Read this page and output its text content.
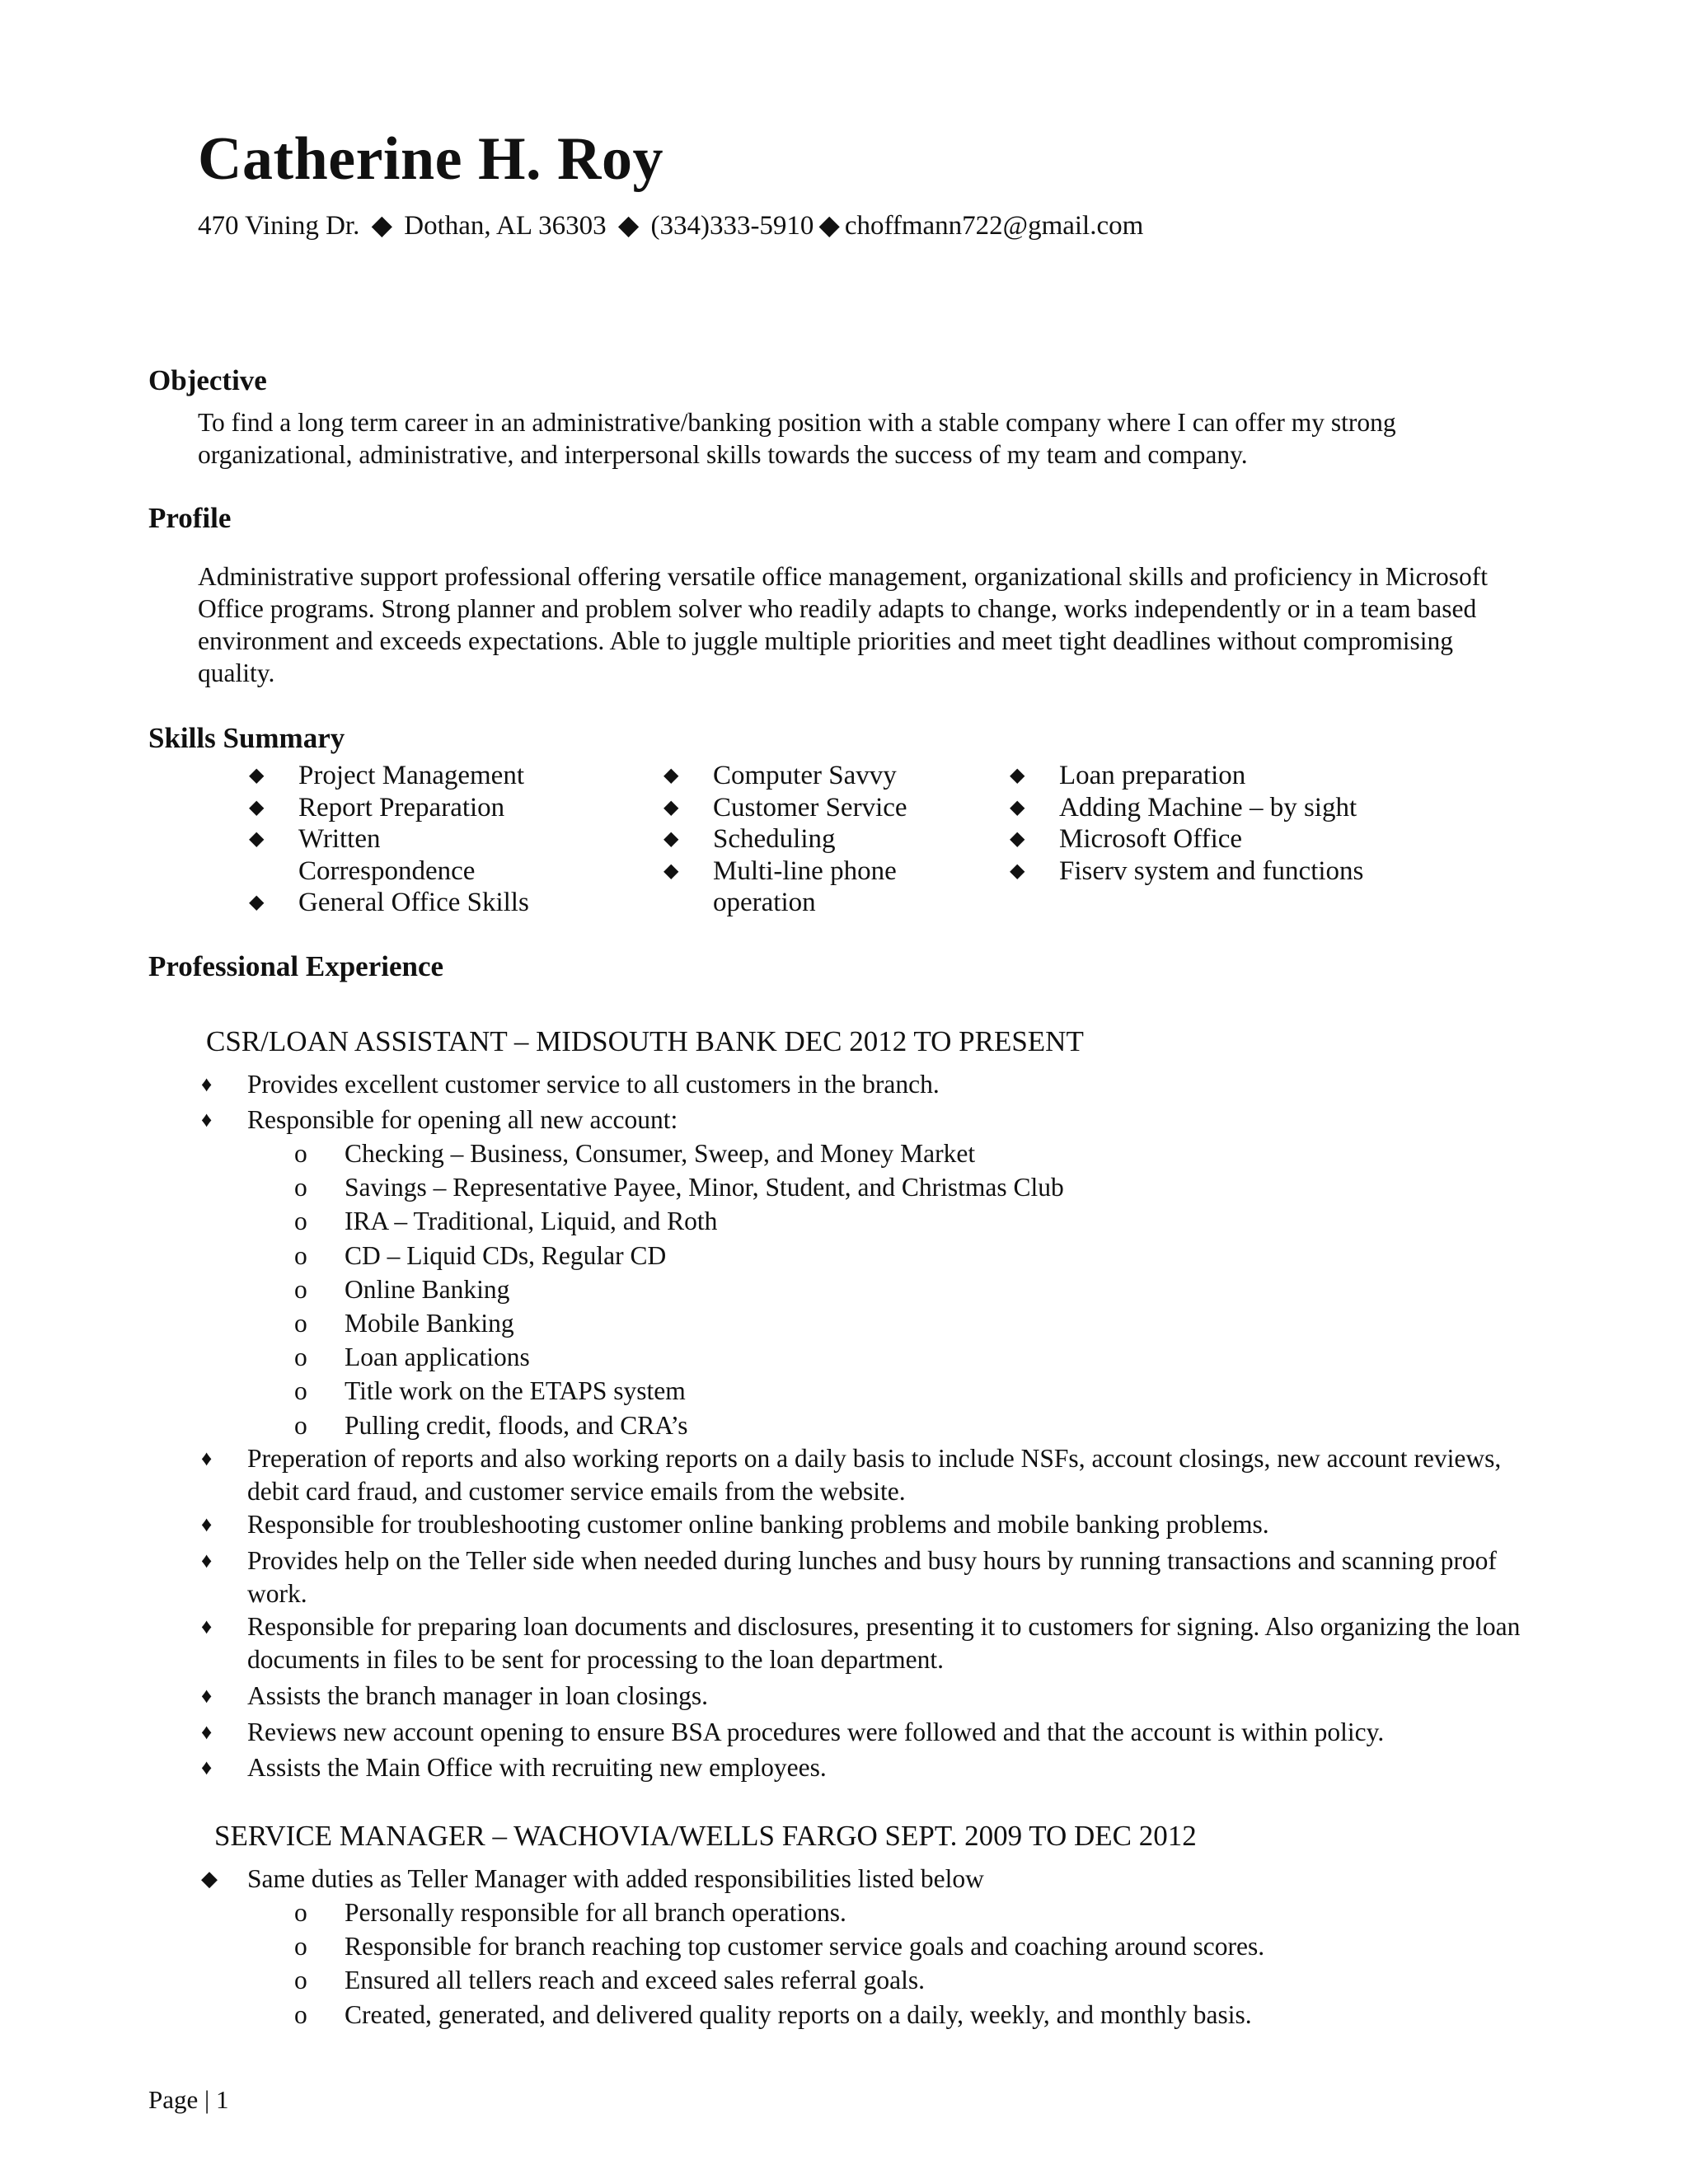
Catherine H. Roy
470 Vining Dr. ◆ Dothan, AL 36303 ◆ (334)333-5910 ◆ choffmann722@gmail.com
Objective

To find a long term career in an administrative/banking position with a stable company where I can offer my strong organizational, administrative, and interpersonal skills towards the success of my team and company.

Profile

Administrative support professional offering versatile office management, organizational skills and proficiency in Microsoft Office programs. Strong planner and problem solver who readily adapts to change, works independently or in a team based environment and exceeds expectations. Able to juggle multiple priorities and meet tight deadlines without compromising quality.

Skills Summary
◆ Project Management
◆ Report Preparation
◆ Written Correspondence
◆ General Office Skills
◆ Computer Savvy
◆ Customer Service
◆ Scheduling
◆ Multi-line phone operation
◆ Loan preparation
◆ Adding Machine – by sight
◆ Microsoft Office
◆ Fiserv system and functions
Professional Experience
CSR/LOAN ASSISTANT – MIDSOUTH BANK DEC 2012 TO PRESENT
♦ Provides excellent customer service to all customers in the branch.
♦ Responsible for opening all new account:
o Checking – Business, Consumer, Sweep, and Money Market
o Savings – Representative Payee, Minor, Student, and Christmas Club
o IRA – Traditional, Liquid, and Roth
o CD – Liquid CDs, Regular CD
o Online Banking
o Mobile Banking
o Loan applications
o Title work on the ETAPS system
o Pulling credit, floods, and CRA’s
♦ Preperation of reports and also working reports on a daily basis to include NSFs, account closings, new account reviews, debit card fraud, and customer service emails from the website.
♦ Responsible for troubleshooting customer online banking problems and mobile banking problems.
♦ Provides help on the Teller side when needed during lunches and busy hours by running transactions and scanning proof work.
♦ Responsible for preparing loan documents and disclosures, presenting it to customers for signing. Also organizing the loan documents in files to be sent for processing to the loan department.
♦ Assists the branch manager in loan closings.
♦ Reviews new account opening to ensure BSA procedures were followed and that the account is within policy.
♦ Assists the Main Office with recruiting new employees.
SERVICE MANAGER – WACHOVIA/WELLS FARGO SEPT. 2009 TO DEC 2012
◆ Same duties as Teller Manager with added responsibilities listed below
o Personally responsible for all branch operations.
o Responsible for branch reaching top customer service goals and coaching around scores.
o Ensured all tellers reach and exceed sales referral goals.
o Created, generated, and delivered quality reports on a daily, weekly, and monthly basis.
Page | 1
